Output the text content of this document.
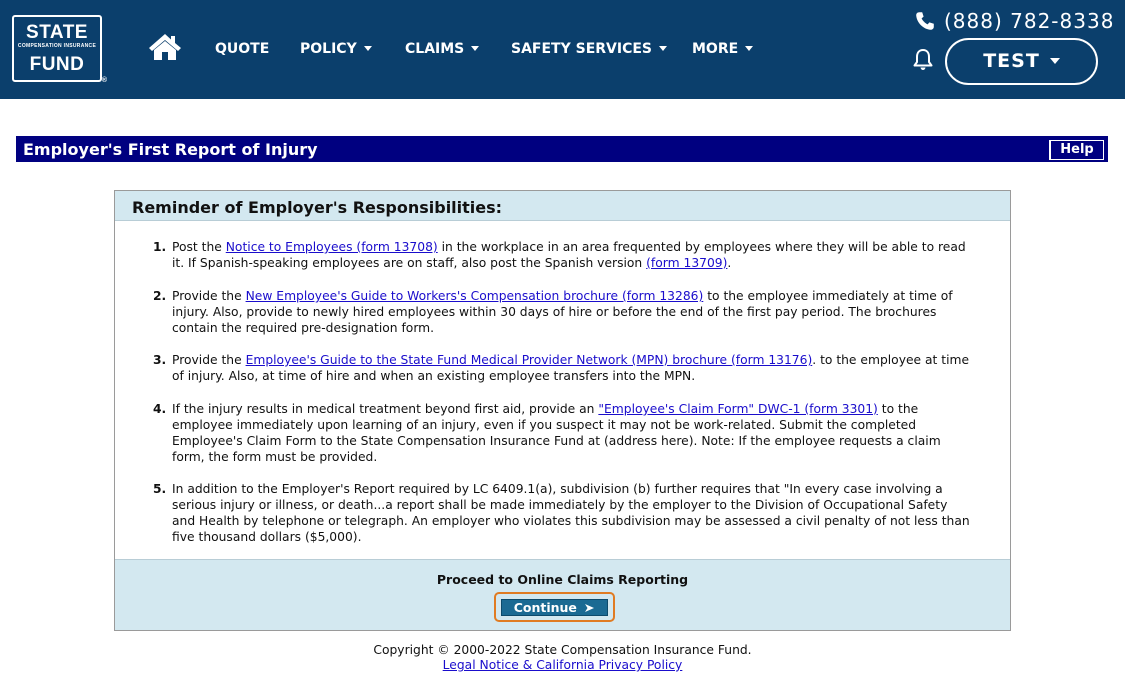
STATE
COMPENSATION INSURANCE
FUND
®
QUOTE POLICY	CLAIMS	SAFETY SERVICES	MORE
(888) 782-8338
TEST
Employer's First Report of Injury	Help
Reminder of Employer's Responsibilities:
1. Post the Notice to Employees (form 13708) in the workplace in an area frequented by employees where they will be able to read it. If Spanish-speaking employees are on staff, also post the Spanish version (form 13709).
2. Provide the New Employee's Guide to Workers's Compensation brochure (form 13286) to the employee immediately at time of injury. Also, provide to newly hired employees within 30 days of hire or before the end of the first pay period. The brochures contain the required pre-designation form.
3. Provide the Employee's Guide to the State Fund Medical Provider Network (MPN) brochure (form 13176). to the employee at time of injury. Also, at time of hire and when an existing employee transfers into the MPN.
4. If the injury results in medical treatment beyond first aid, provide an "Employee's Claim Form" DWC-1 (form 3301) to the employee immediately upon learning of an injury, even if you suspect it may not be work-related. Submit the completed Employee's Claim Form to the State Compensation Insurance Fund at (address here). Note: If the employee requests a claim form, the form must be provided.
5. In addition to the Employer's Report required by LC 6409.1(a), subdivision (b) further requires that "In every case involving a serious injury or illness, or death...a report shall be made immediately by the employer to the Division of Occupational Safety and Health by telephone or telegraph. An employer who violates this subdivision may be assessed a civil penalty of not less than five thousand dollars ($5,000).
Proceed to Online Claims Reporting
Continue
Copyright © 2000-2022 State Compensation Insurance Fund.
Legal Notice & California Privacy Policy
